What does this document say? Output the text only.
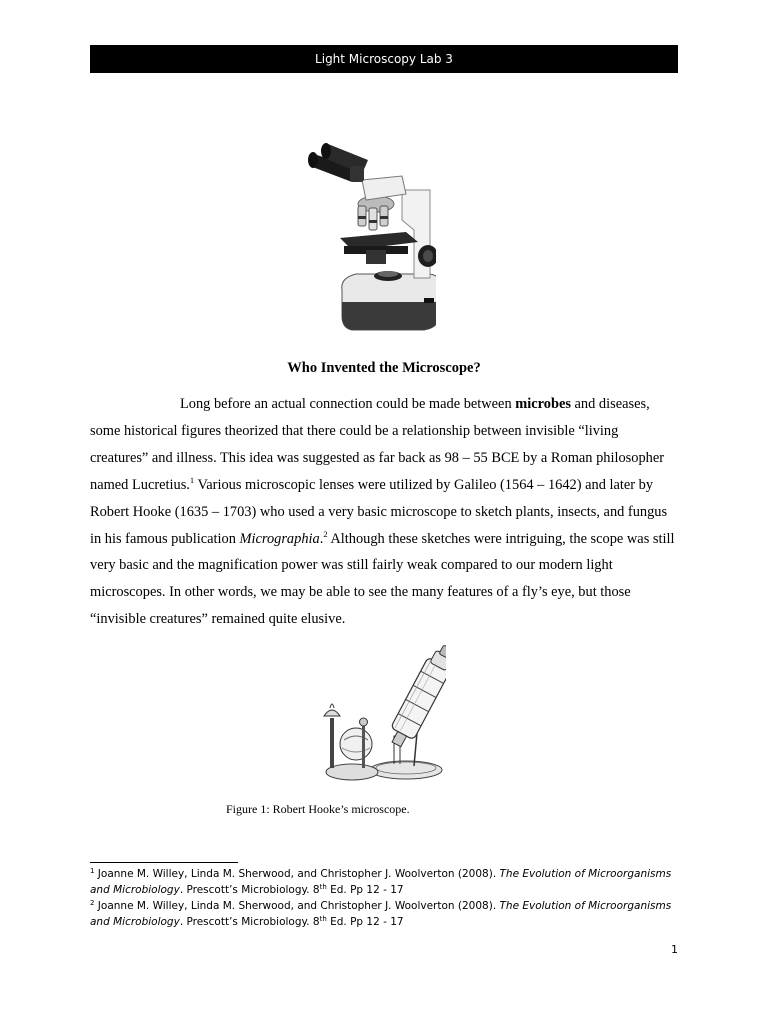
Light Microscopy Lab 3
Who Invented the Microscope?

Long before an actual connection could be made between microbes and diseases, some historical figures theorized that there could be a relationship between invisible “living creatures” and illness. This idea was suggested as far back as 98 – 55 BCE by a Roman philosopher named Lucretius.$^1$ Various microscopic lenses were utilized by Galileo (1564 – 1642) and later by Robert Hooke (1635 – 1703) who used a very basic microscope to sketch plants, insects, and fungus in his famous publication Micrographia.$^2$ Although these sketches were intriguing, the scope was still very basic and the magnification power was still fairly weak compared to our modern light microscopes. In other words, we may be able to see the many features of a fly’s eye, but those “invisible creatures” remained quite elusive.

Figure 1: Robert Hooke’s microscope.

$^1$ Joanne M. Willey, Linda M. Sherwood, and Christopher J. Woolverton (2008). The Evolution of Microorganisms and Microbiology. Prescott’s Microbiology. 8th Ed. Pp 12 - 17

$^2$ Joanne M. Willey, Linda M. Sherwood, and Christopher J. Woolverton (2008). The Evolution of Microorganisms and Microbiology. Prescott’s Microbiology. 8th Ed. Pp 12 - 17

1
